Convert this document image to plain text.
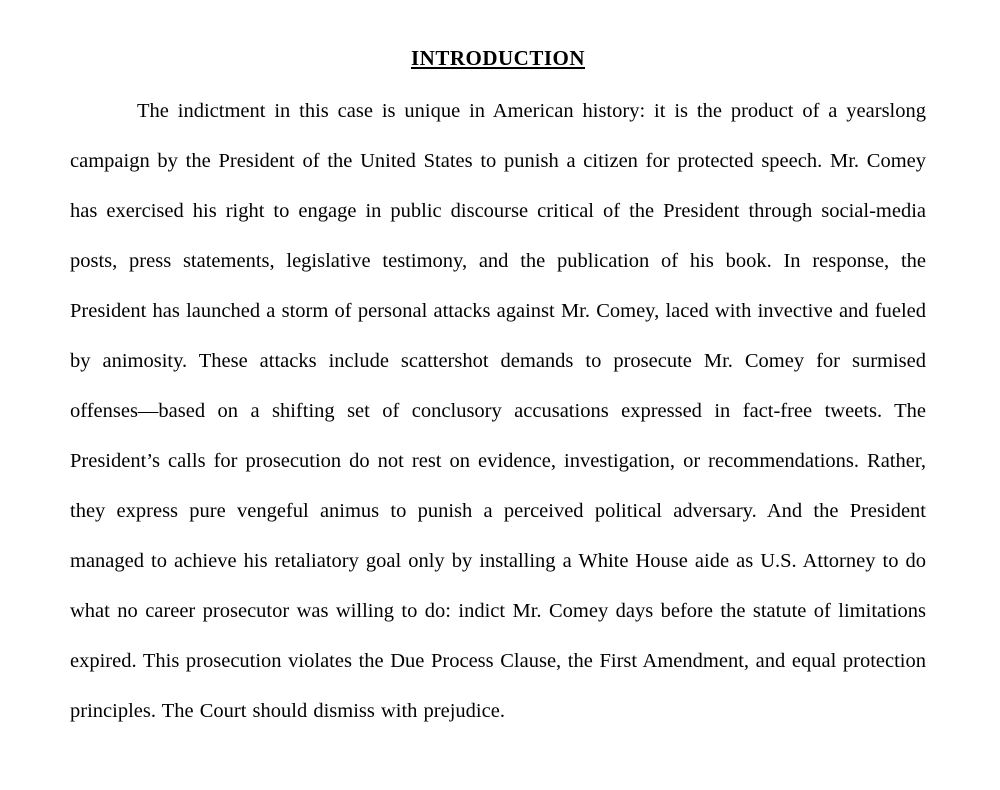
INTRODUCTION

The indictment in this case is unique in American history: it is the product of a yearslong campaign by the President of the United States to punish a citizen for protected speech. Mr. Comey has exercised his right to engage in public discourse critical of the President through social-media posts, press statements, legislative testimony, and the publication of his book. In response, the President has launched a storm of personal attacks against Mr. Comey, laced with invective and fueled by animosity. These attacks include scattershot demands to prosecute Mr. Comey for surmised offenses—based on a shifting set of conclusory accusations expressed in fact-free tweets. The President’s calls for prosecution do not rest on evidence, investigation, or recommendations. Rather, they express pure vengeful animus to punish a perceived political adversary. And the President managed to achieve his retaliatory goal only by installing a White House aide as U.S. Attorney to do what no career prosecutor was willing to do: indict Mr. Comey days before the statute of limitations expired. This prosecution violates the Due Process Clause, the First Amendment, and equal protection principles. The Court should dismiss with prejudice.
